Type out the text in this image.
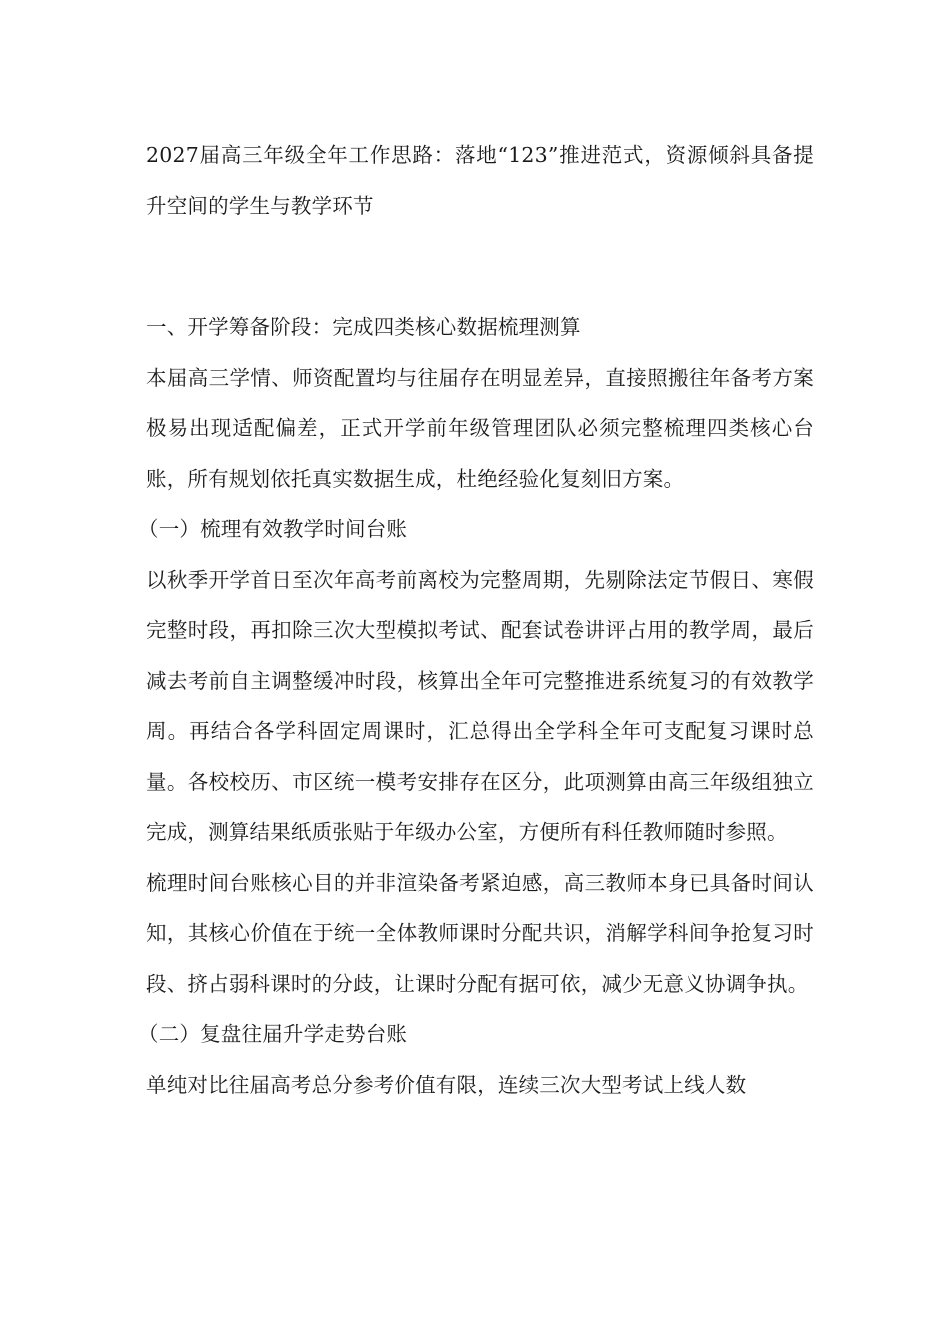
2027届高三年级全年工作思路：落地“123”推进范式，资源倾斜具备提升空间的学生与教学环节

一、开学筹备阶段：完成四类核心数据梳理测算

本届高三学情、师资配置均与往届存在明显差异，直接照搬往年备考方案极易出现适配偏差，正式开学前年级管理团队必须完整梳理四类核心台账，所有规划依托真实数据生成，杜绝经验化复刻旧方案。

（一）梳理有效教学时间台账

以秋季开学首日至次年高考前离校为完整周期，先剔除法定节假日、寒假完整时段，再扣除三次大型模拟考试、配套试卷讲评占用的教学周，最后减去考前自主调整缓冲时段，核算出全年可完整推进系统复习的有效教学周。再结合各学科固定周课时，汇总得出全学科全年可支配复习课时总量。各校校历、市区统一模考安排存在区分，此项测算由高三年级组独立完成，测算结果纸质张贴于年级办公室，方便所有科任教师随时参照。

梳理时间台账核心目的并非渲染备考紧迫感，高三教师本身已具备时间认知，其核心价值在于统一全体教师课时分配共识，消解学科间争抢复习时段、挤占弱科课时的分歧，让课时分配有据可依，减少无意义协调争执。

（二）复盘往届升学走势台账

单纯对比往届高考总分参考价值有限，连续三次大型考试上线人数
